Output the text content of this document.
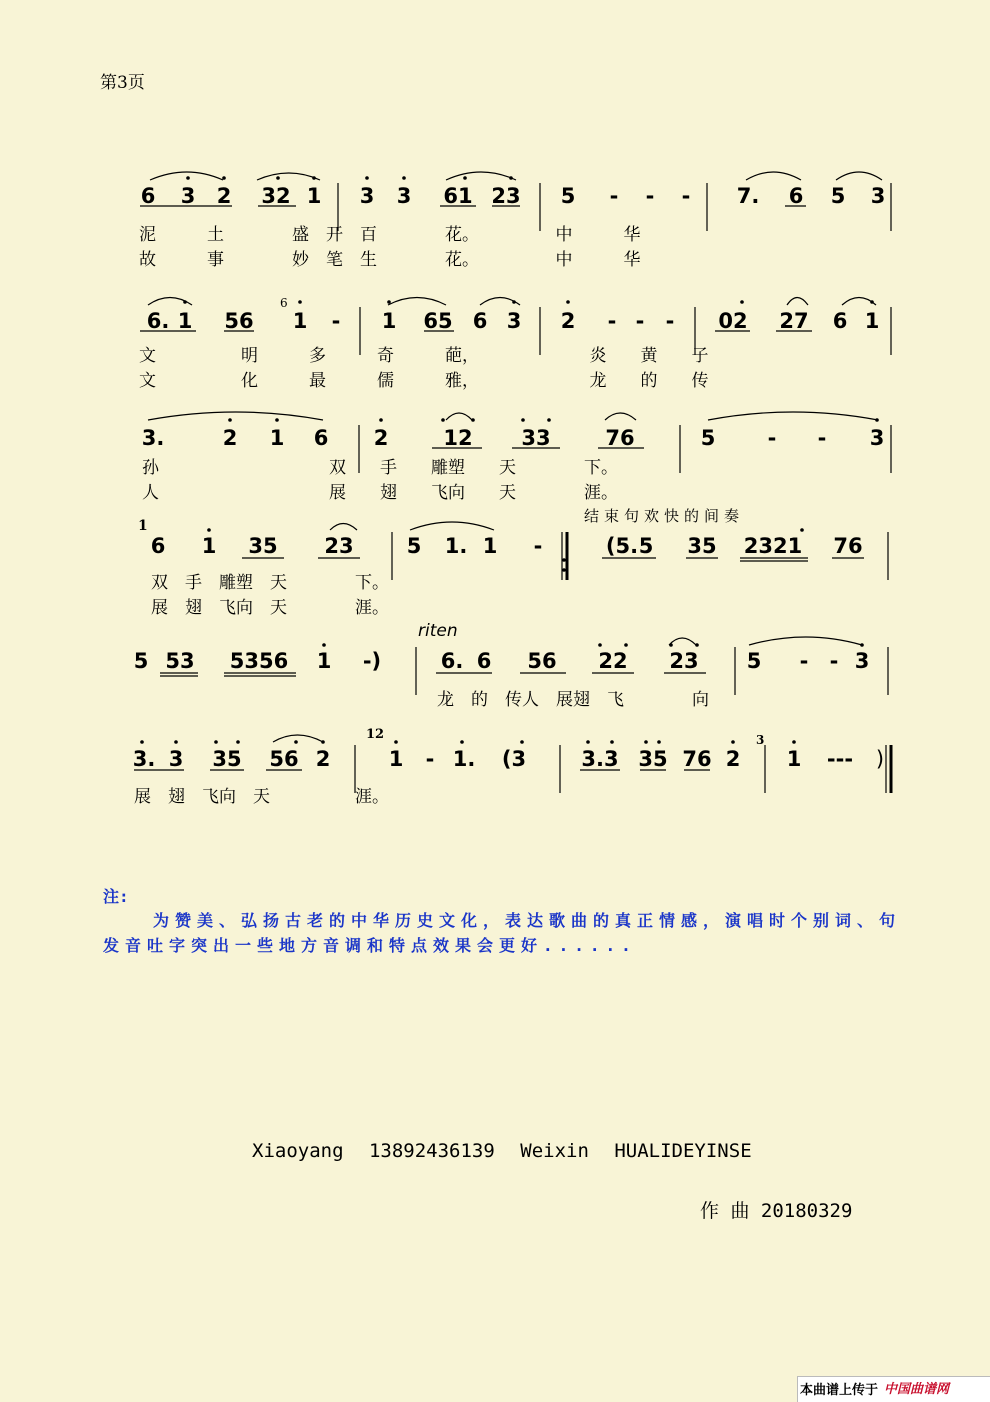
第3页
6 3 2 32 1 3 3 61 23 5 - - - 7. 6 5 3
泥　　　土　　　　盛　开　百　　　　花。　　　　　中　　　华
故　　　事　　　　妙　笔　生　　　　花。　　　　　中　　　华
6. 1 56
6
1 - 1 65 6 3 2 - - - 02 27 6 1
文　　　　　明　　　多　　　奇　　　葩，　　　　　　　炎　　黄　　子
文　　　　　化　　　最　　　儒　　　雅，　　　　　　　龙　　的　　传
3.	2 1 6 2	12 33	76	5 - - 3
孙　　　　　　　　　　双　　手　　雕塑　　天　　　　下。
人　　　　　　　　　　展　　翅　　飞向　　天　　　　涯。
1
6 1 35 23	5 1. 1 -	(5. 5 35 2321 76
结束句欢快的间奏
双　手　雕塑　天　　　　下。
展　翅　飞向　天　　　　涯。
5 53 5356 1 -)	6. 6 56 22 23 5 - - 3
riten
龙　的　传人　展翅　飞　　　　向
3. 3 35 56 2
12
1 - 1. (3	3.3 35 76 2
3
1 --- )
展　翅　飞向　天　　　　　涯。
注:
为赞美、弘扬古老的中华历史文化，表达歌曲的真正情感，演唱时个别词、句发音吐字突出一些地方音调和特点效果会更好......
Xiaoyang 13892436139 Weixin HUALIDEYINSE
作 曲 20180329
本曲谱上传于 中国曲谱网
